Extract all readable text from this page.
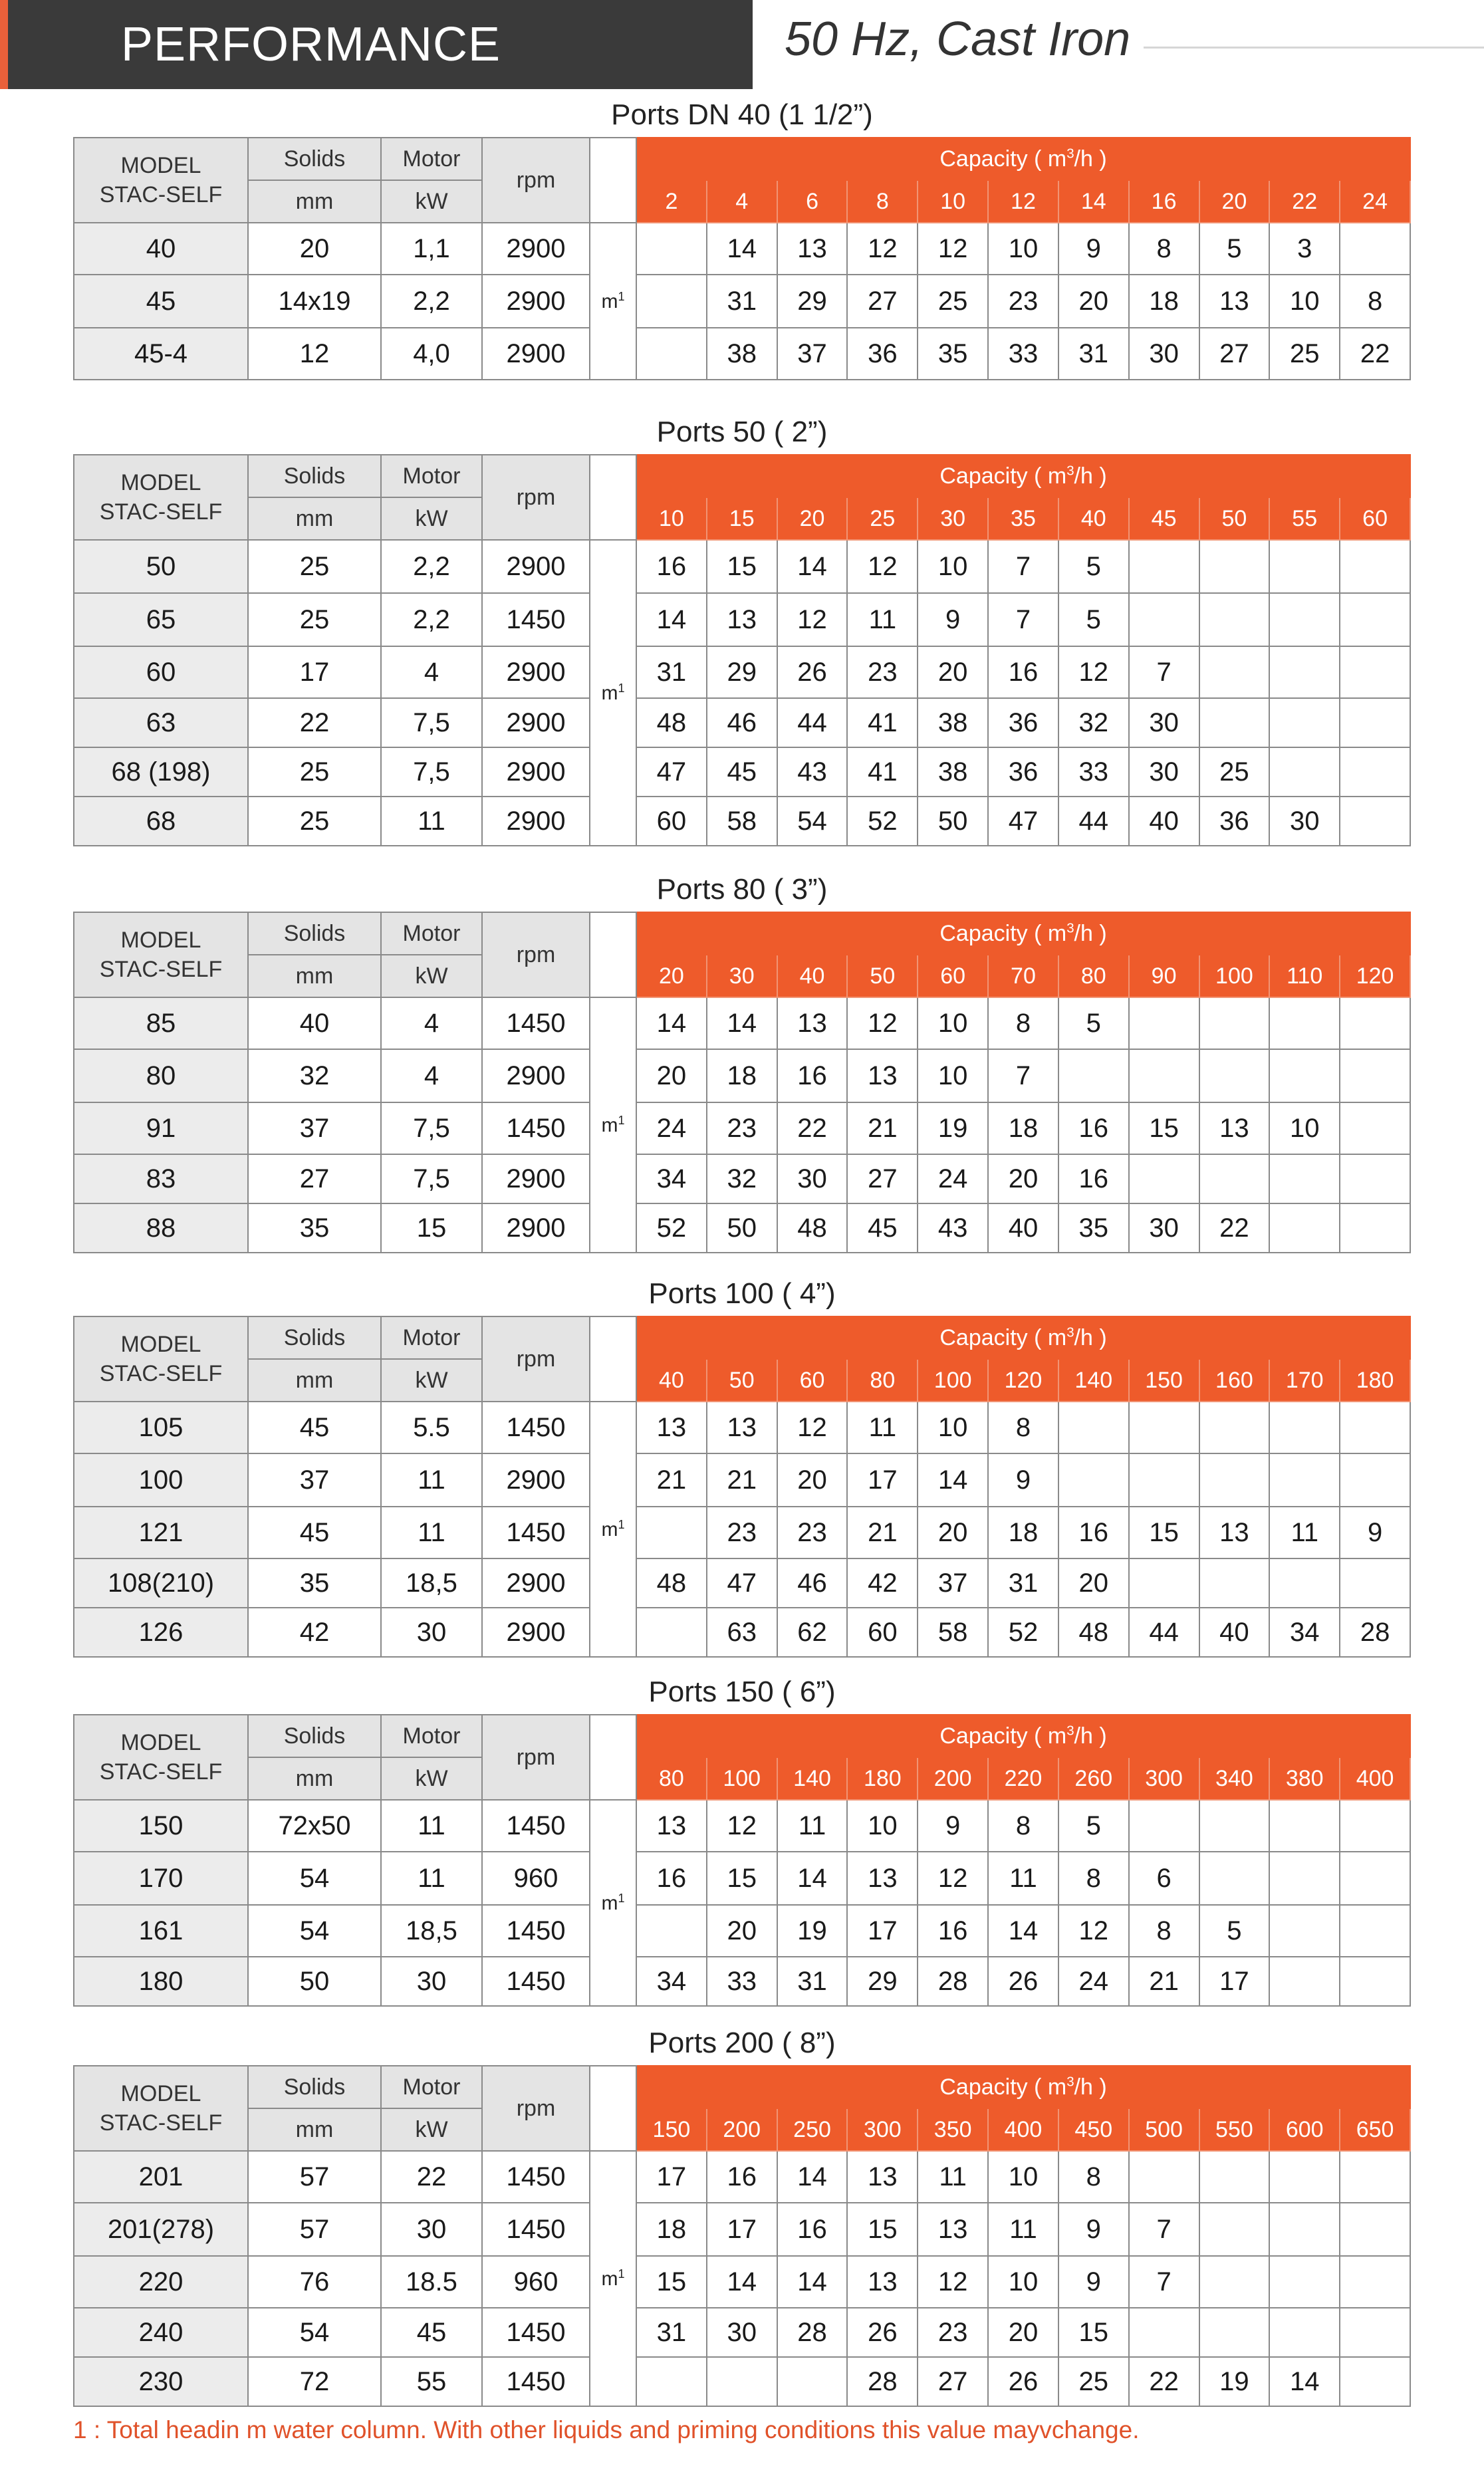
PERFORMANCE	50 Hz, Cast Iron
Ports DN 40 (1 1/2”)
MODEL
STAC-SELF	Solids	Motor	rpm		Capacity ( $m^3/h$ )										
	mm	kW			2	4	6	8	10	12	14	16	20	22	24
40	20	1,1	2900	$m^1$		14	13	12	12	10	9	8	5	3	
45	14x19	2,2	2900			31	29	27	25	23	20	18	13	10	8
45-4	12	4,0	2900			38	37	36	35	33	31	30	27	25	22
Ports 50 ( 2”)
MODEL
STAC-SELF	Solids	Motor	rpm		Capacity ( $m^3/h$ )										
	mm	kW			10	15	20	25	30	35	40	45	50	55	60
50	25	2,2	2900	$m^1$	16	15	14	12	10	7	5				
65	25	2,2	1450		14	13	12	11	9	7	5				
60	17	4	2900		31	29	26	23	20	16	12	7			
63	22	7,5	2900		48	46	44	41	38	36	32	30			
68 (198)	25	7,5	2900		47	45	43	41	38	36	33	30	25		
68	25	11	2900		60	58	54	52	50	47	44	40	36	30	
Ports 80 ( 3”)
MODEL
STAC-SELF	Solids	Motor	rpm		Capacity ( $m^3/h$ )										
	mm	kW			20	30	40	50	60	70	80	90	100	110	120
85	40	4	1450	$m^1$	14	14	13	12	10	8	5				
80	32	4	2900		20	18	16	13	10	7					
91	37	7,5	1450		24	23	22	21	19	18	16	15	13	10	
83	27	7,5	2900		34	32	30	27	24	20	16				
88	35	15	2900		52	50	48	45	43	40	35	30	22		
Ports 100 ( 4”)
MODEL
STAC-SELF	Solids	Motor	rpm		Capacity ( $m^3/h$ )										
	mm	kW			40	50	60	80	100	120	140	150	160	170	180
105	45	5.5	1450	$m^1$	13	13	12	11	10	8					
100	37	11	2900		21	21	20	17	14	9					
121	45	11	1450			23	23	21	20	18	16	15	13	11	9
108(210)	35	18,5	2900		48	47	46	42	37	31	20				
126	42	30	2900			63	62	60	58	52	48	44	40	34	28
Ports 150 ( 6”)
MODEL
STAC-SELF	Solids	Motor	rpm		Capacity ( $m^3/h$ )										
	mm	kW			80	100	140	180	200	220	260	300	340	380	400
150	72x50	11	1450	$m^1$	13	12	11	10	9	8	5				
170	54	11	960		16	15	14	13	12	11	8	6			
161	54	18,5	1450			20	19	17	16	14	12	8	5		
180	50	30	1450		34	33	31	29	28	26	24	21	17		
Ports 200 ( 8”)
MODEL
STAC-SELF	Solids	Motor	rpm		Capacity ( $m^3/h$ )										
	mm	kW			150	200	250	300	350	400	450	500	550	600	650
201	57	22	1450	$m^1$	17	16	14	13	11	10	8				
201(278)	57	30	1450		18	17	16	15	13	11	9	7			
220	76	18.5	960		15	14	14	13	12	10	9	7			
240	54	45	1450		31	30	28	26	23	20	15				
230	72	55	1450					28	27	26	25	22	19	14	
1 : Total headin m water column. With other liquids and priming conditions this value mayvchange.
